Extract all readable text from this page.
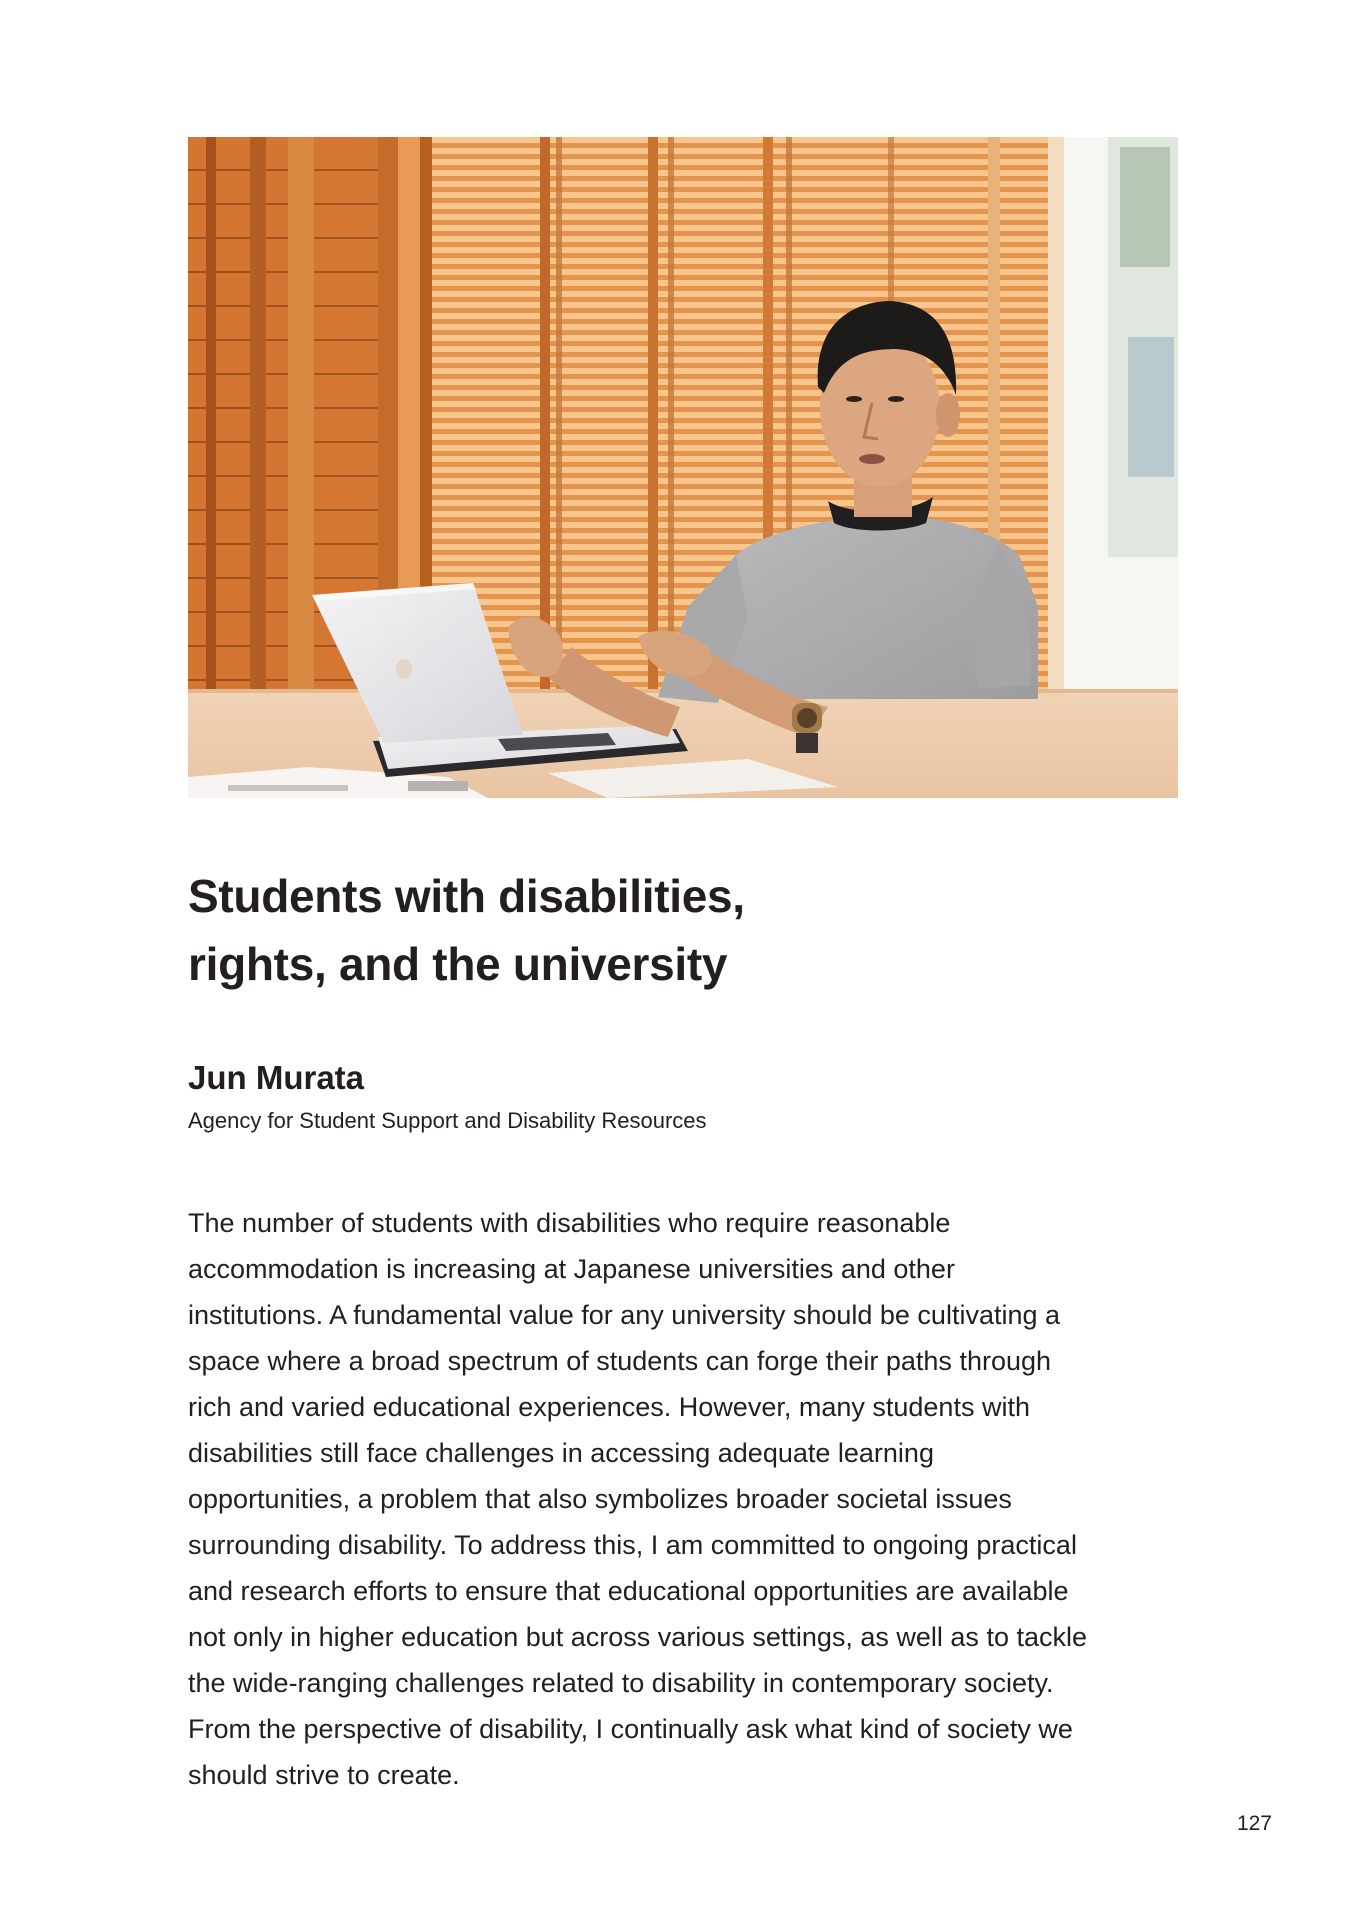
Students with disabilities,
rights, and the university

Jun Murata

Agency for Student Support and Disability Resources

The number of students with disabilities who require reasonable
accommodation is increasing at Japanese universities and other
institutions. A fundamental value for any university should be cultivating a
space where a broad spectrum of students can forge their paths through
rich and varied educational experiences. However, many students with
disabilities still face challenges in accessing adequate learning
opportunities, a problem that also symbolizes broader societal issues
surrounding disability. To address this, I am committed to ongoing practical
and research efforts to ensure that educational opportunities are available
not only in higher education but across various settings, as well as to tackle
the wide-ranging challenges related to disability in contemporary society.
From the perspective of disability, I continually ask what kind of society we
should strive to create.
127
